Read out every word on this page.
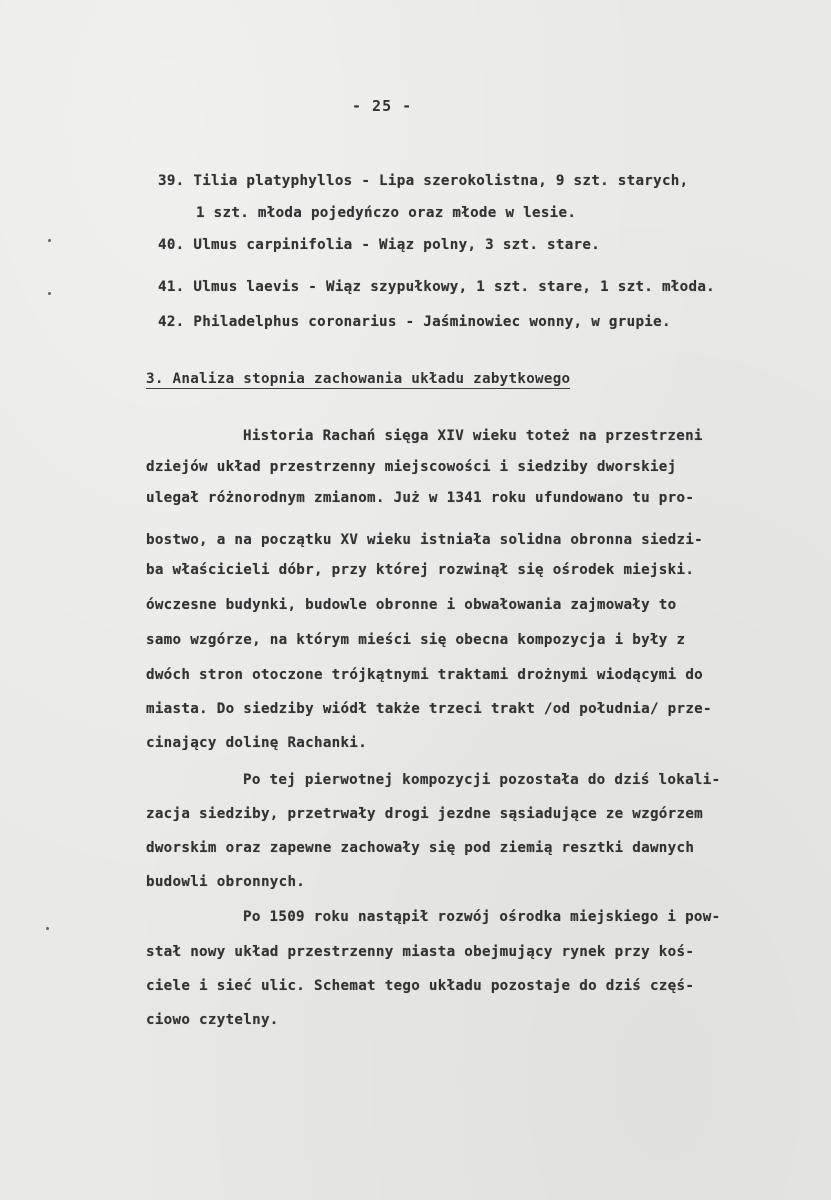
- 25 -
39. Tilia platyphyllos - Lipa szerokolistna, 9 szt. starych,
1 szt. młoda pojedyńczo oraz młode w lesie.
40. Ulmus carpinifolia - Wiąz polny, 3 szt. stare.
41. Ulmus laevis - Wiąz szypułkowy, 1 szt. stare, 1 szt. młoda.
42. Philadelphus coronarius - Jaśminowiec wonny, w grupie.
3. Analiza stopnia zachowania układu zabytkowego
Historia Rachań sięga XIV wieku toteż na przestrzeni
dziejów układ przestrzenny miejscowości i siedziby dworskiej
ulegał różnorodnym zmianom. Już w 1341 roku ufundowano tu pro-
bostwo, a na początku XV wieku istniała solidna obronna siedzi-
ba właścicieli dóbr, przy której rozwinął się ośrodek miejski.
ówczesne budynki, budowle obronne i obwałowania zajmowały to
samo wzgórze, na którym mieści się obecna kompozycja i były z
dwóch stron otoczone trójkątnymi traktami drożnymi wiodącymi do
miasta. Do siedziby wiódł także trzeci trakt /od południa/ prze-
cinający dolinę Rachanki.
Po tej pierwotnej kompozycji pozostała do dziś lokali-
zacja siedziby, przetrwały drogi jezdne sąsiadujące ze wzgórzem
dworskim oraz zapewne zachowały się pod ziemią resztki dawnych
budowli obronnych.
Po 1509 roku nastąpił rozwój ośrodka miejskiego i pow-
stał nowy układ przestrzenny miasta obejmujący rynek przy koś-
ciele i sieć ulic. Schemat tego układu pozostaje do dziś częś-
ciowo czytelny.
